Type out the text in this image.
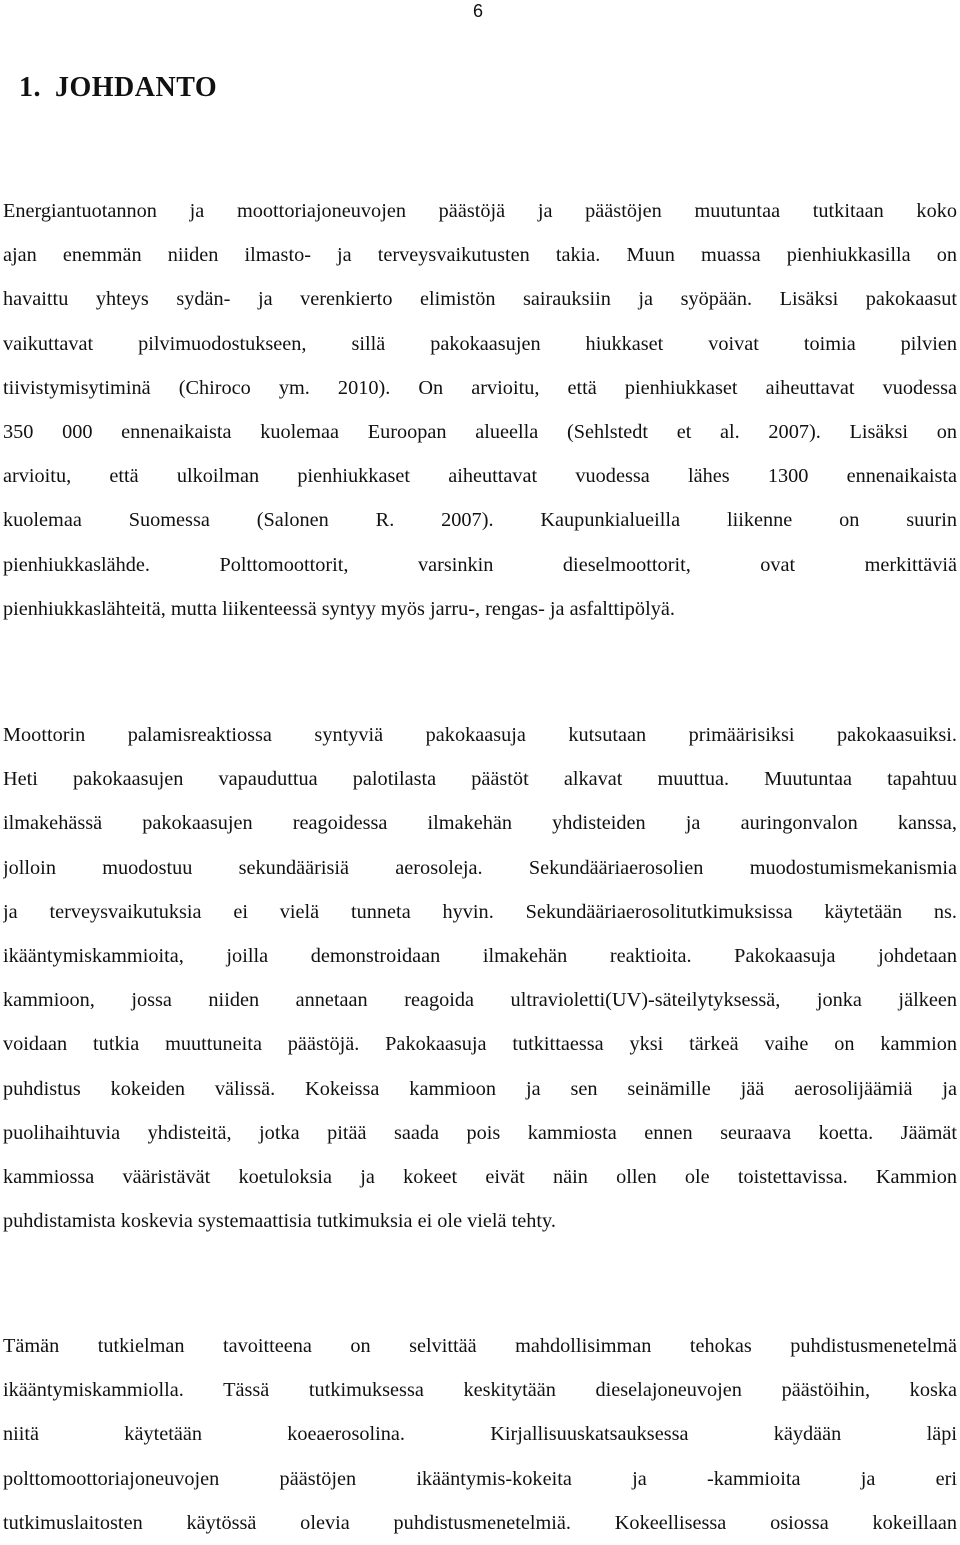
6
1. JOHDANTO
Energiantuotannon ja moottoriajoneuvojen päästöjä ja päästöjen muutuntaa tutkitaan koko
ajan enemmän niiden ilmasto- ja terveysvaikutusten takia. Muun muassa pienhiukkasilla on
havaittu yhteys sydän- ja verenkierto elimistön sairauksiin ja syöpään. Lisäksi pakokaasut
vaikuttavat pilvimuodostukseen, sillä pakokaasujen hiukkaset voivat toimia pilvien
tiivistymisytiminä (Chiroco ym. 2010). On arvioitu, että pienhiukkaset aiheuttavat vuodessa
350 000 ennenaikaista kuolemaa Euroopan alueella (Sehlstedt et al. 2007). Lisäksi on
arvioitu, että ulkoilman pienhiukkaset aiheuttavat vuodessa lähes 1300 ennenaikaista
kuolemaa Suomessa (Salonen R. 2007). Kaupunkialueilla liikenne on suurin
pienhiukkaslähde. Polttomoottorit, varsinkin dieselmoottorit, ovat merkittäviä
pienhiukkaslähteitä, mutta liikenteessä syntyy myös jarru-, rengas- ja asfalttipölyä.
Moottorin palamisreaktiossa syntyviä pakokaasuja kutsutaan primäärisiksi pakokaasuiksi.
Heti pakokaasujen vapauduttua palotilasta päästöt alkavat muuttua. Muutuntaa tapahtuu
ilmakehässä pakokaasujen reagoidessa ilmakehän yhdisteiden ja auringonvalon kanssa,
jolloin muodostuu sekundäärisiä aerosoleja. Sekundääriaerosolien muodostumismekanismia
ja terveysvaikutuksia ei vielä tunneta hyvin. Sekundääriaerosolitutkimuksissa käytetään ns.
ikääntymiskammioita, joilla demonstroidaan ilmakehän reaktioita. Pakokaasuja johdetaan
kammioon, jossa niiden annetaan reagoida ultravioletti(UV)-säteilytyksessä, jonka jälkeen
voidaan tutkia muuttuneita päästöjä. Pakokaasuja tutkittaessa yksi tärkeä vaihe on kammion
puhdistus kokeiden välissä. Kokeissa kammioon ja sen seinämille jää aerosolijäämiä ja
puolihaihtuvia yhdisteitä, jotka pitää saada pois kammiosta ennen seuraava koetta. Jäämät
kammiossa vääristävät koetuloksia ja kokeet eivät näin ollen ole toistettavissa. Kammion
puhdistamista koskevia systemaattisia tutkimuksia ei ole vielä tehty.
Tämän tutkielman tavoitteena on selvittää mahdollisimman tehokas puhdistusmenetelmä
ikääntymiskammiolla. Tässä tutkimuksessa keskitytään dieselajoneuvojen päästöihin, koska
niitä käytetään koeaerosolina. Kirjallisuuskatsauksessa käydään läpi
polttomoottoriajoneuvojen päästöjen ikääntymis-kokeita ja -kammioita ja eri
tutkimuslaitosten käytössä olevia puhdistusmenetelmiä. Kokeellisessa osiossa kokeillaan
